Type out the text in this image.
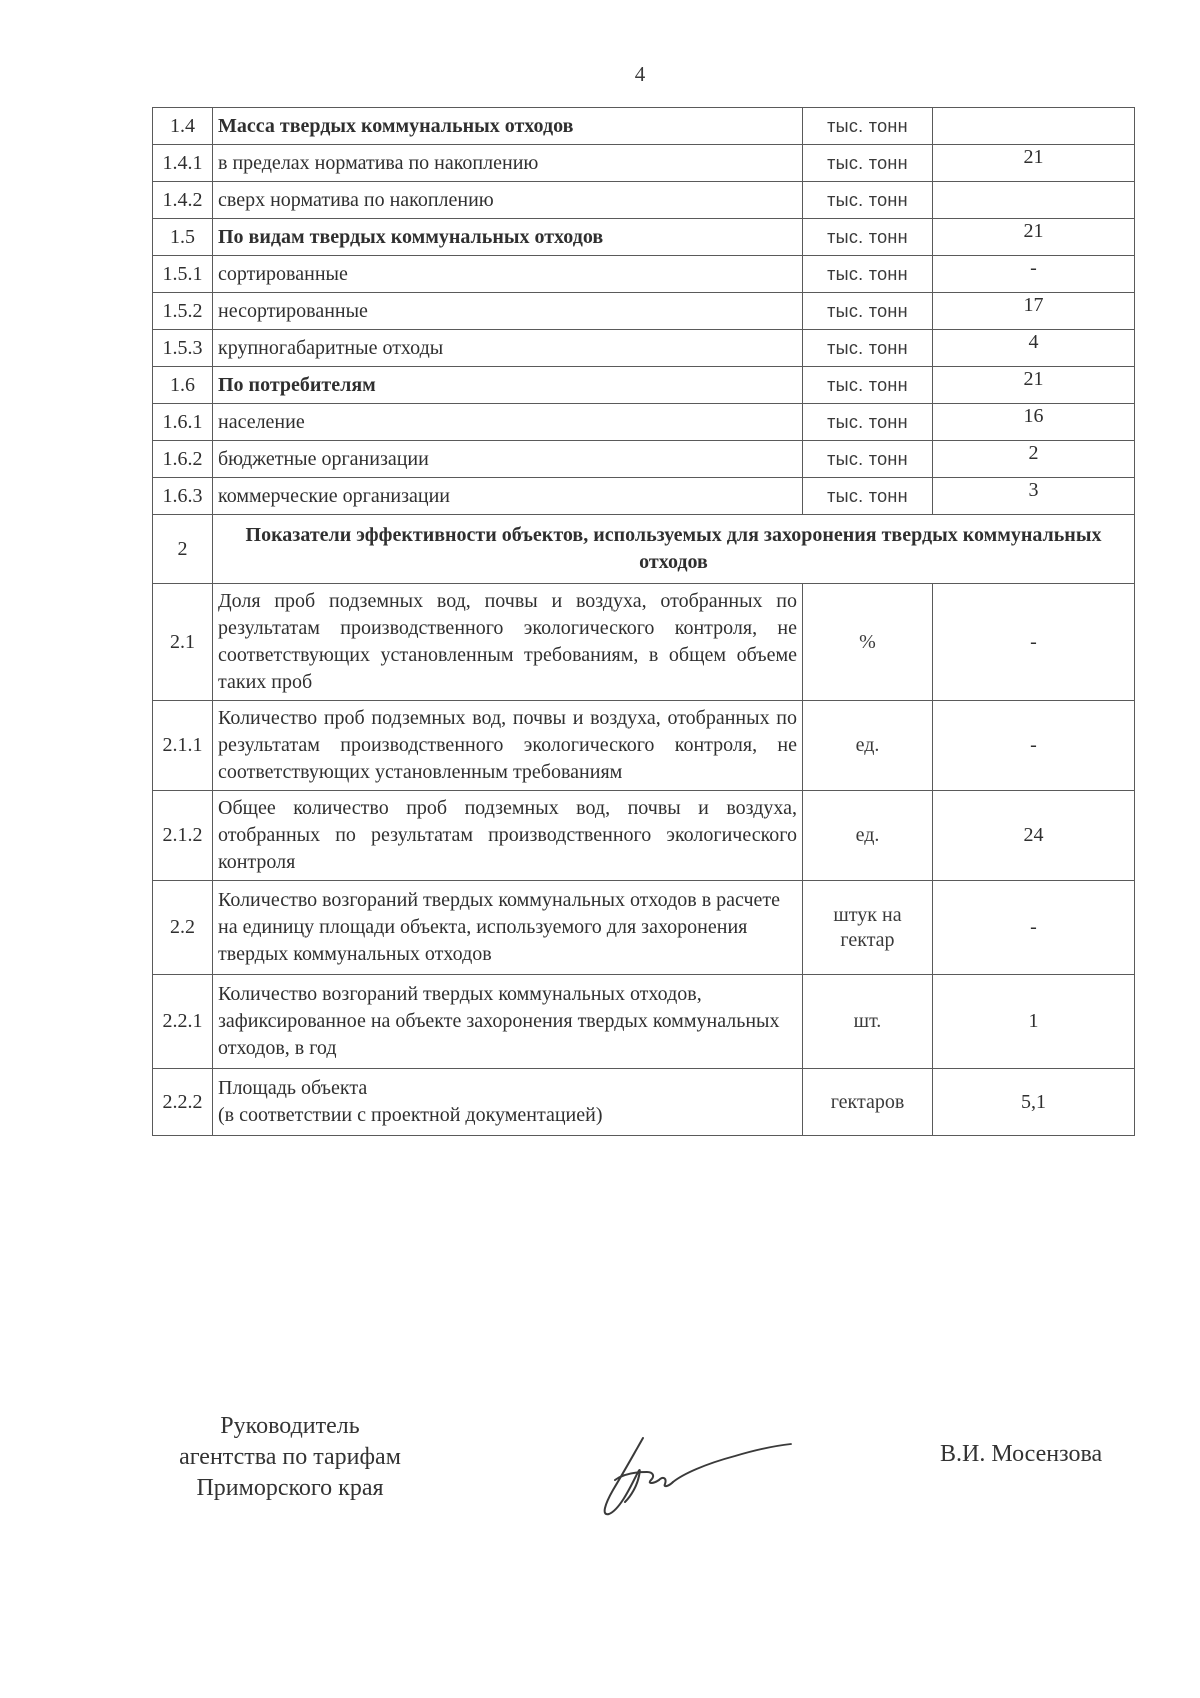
4
1.4	Масса твердых коммунальных отходов	тыс. тонн	
1.4.1	в пределах норматива по накоплению	тыс. тонн	21
1.4.2	сверх норматива по накоплению	тыс. тонн	
1.5	По видам твердых коммунальных отходов	тыс. тонн	21
1.5.1	сортированные	тыс. тонн	-
1.5.2	несортированные	тыс. тонн	17
1.5.3	крупногабаритные отходы	тыс. тонн	4
1.6	По потребителям	тыс. тонн	21
1.6.1	население	тыс. тонн	16
1.6.2	бюджетные организации	тыс. тонн	2
1.6.3	коммерческие организации	тыс. тонн	3
2	Показатели эффективности объектов, используемых для захоронения твердых коммунальных отходов		
2.1	Доля проб подземных вод, почвы и воздуха, отобранных по результатам производственного экологического контроля, не соответствующих установленным требованиям, в общем объеме таких проб	%	-
2.1.1	Количество проб подземных вод, почвы и воздуха, отобранных по результатам производственного экологического контроля, не соответствующих установленным требованиям	ед.	-
2.1.2	Общее количество проб подземных вод, почвы и воздуха, отобранных по результатам производственного экологического контроля	ед.	24
2.2	Количество возгораний твердых коммунальных отходов в расчете на единицу площади объекта, используемого для захоронения твердых коммунальных отходов	штук на гектар	-
2.2.1	Количество возгораний твердых коммунальных отходов, зафиксированное на объекте захоронения твердых коммунальных отходов, в год	шт.	1
2.2.2	Площадь объекта
(в соответствии с проектной документацией)	гектаров	5,1
Руководитель
агентства по тарифам
Приморского края
В.И. Мосензова
